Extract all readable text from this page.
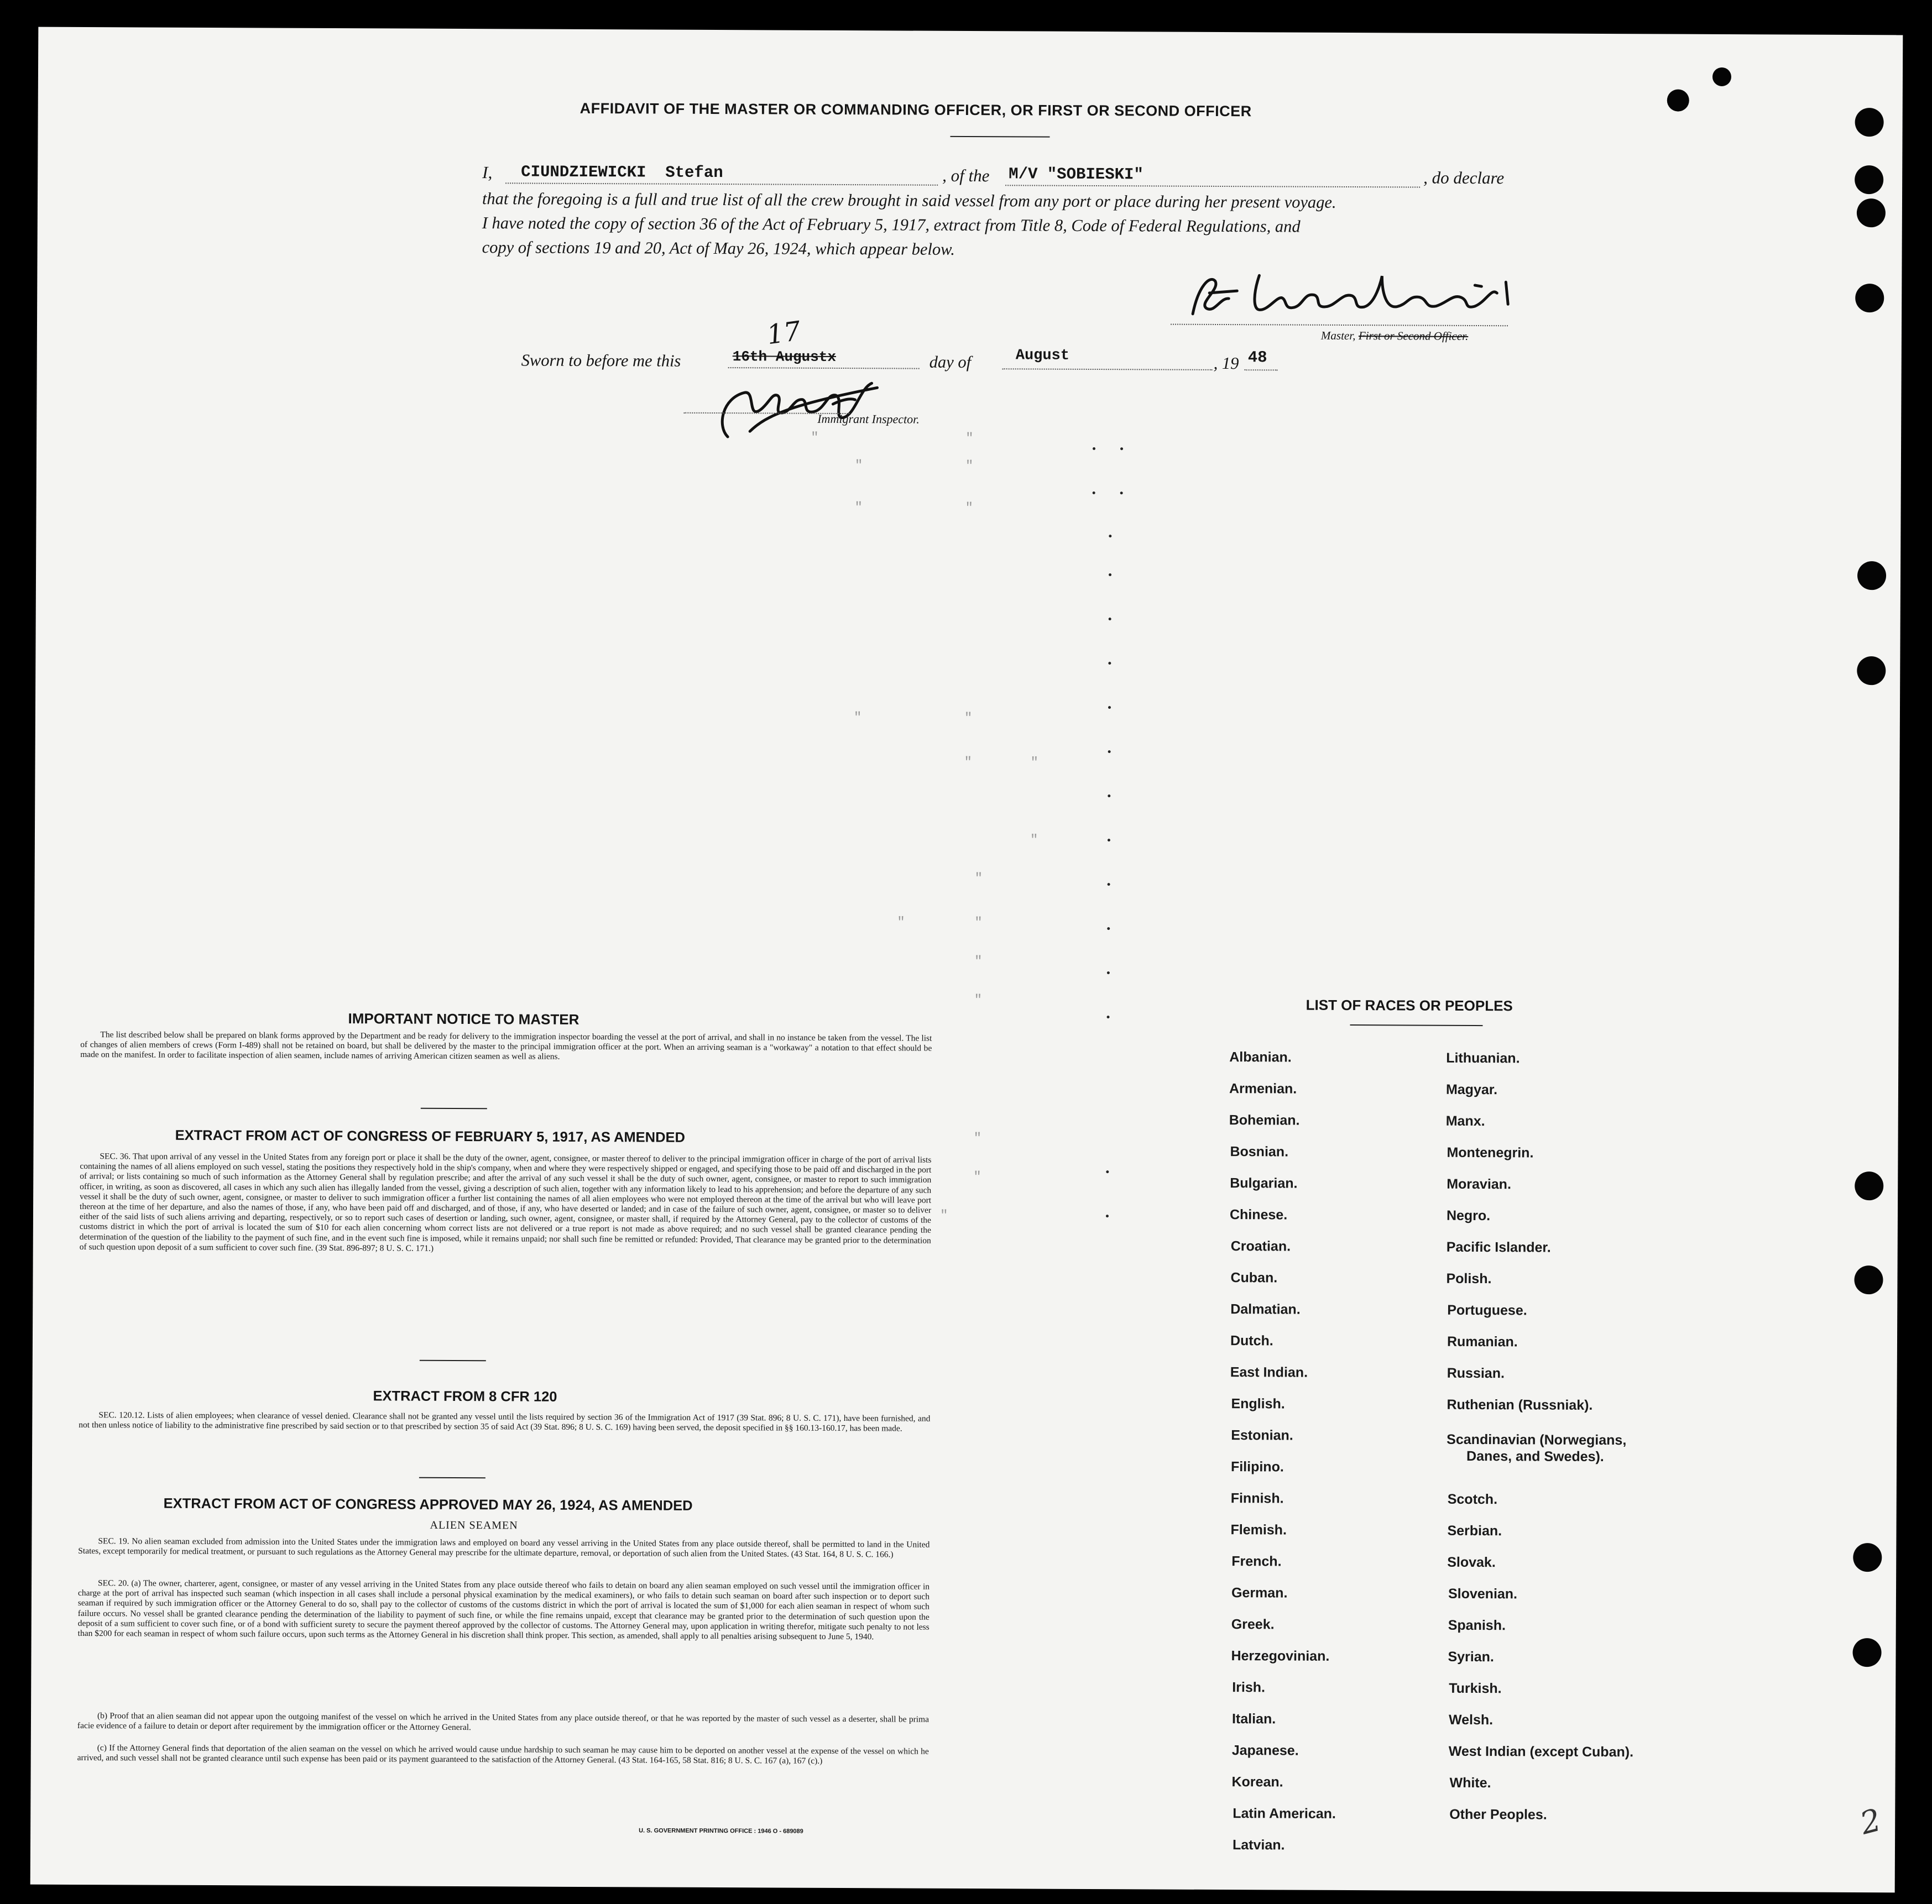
AFFIDAVIT OF THE MASTER OR COMMANDING OFFICER, OR FIRST OR SECOND OFFICER
I, CIUNDZIEWICKI  Stefan	, of the M/V "SOBIESKI"	, do declare
that the foregoing is a full and true list of all the crew brought in said vessel from any port or place during her present voyage.
I have noted the copy of section 36 of the Act of February 5, 1917, extract from Title 8, Code of Federal Regulations, and
copy of sections 19 and 20, Act of May 26, 1924, which appear below.
Master, First or Second Officer.
Sworn to before me this	16th Augustx
17
day of	August	, 19 48
Immigrant Inspector.
"	"
"	"
"	"
"	"
"	"
"
"
"	"
"
"
"
"
"
IMPORTANT NOTICE TO MASTER
The list described below shall be prepared on blank forms approved by the Department and be ready for delivery to the immigration inspector boarding the vessel at the port of arrival, and shall in no instance be taken from the vessel. The list of changes of alien members of crews (Form I-489) shall not be retained on board, but shall be delivered by the master to the principal immigration officer at the port. When an arriving seaman is a "workaway" a notation to that effect should be made on the manifest. In order to facilitate inspection of alien seamen, include names of arriving American citizen seamen as well as aliens.
EXTRACT FROM ACT OF CONGRESS OF FEBRUARY 5, 1917, AS AMENDED
SEC. 36. That upon arrival of any vessel in the United States from any foreign port or place it shall be the duty of the owner, agent, consignee, or master thereof to deliver to the principal immigration officer in charge of the port of arrival lists containing the names of all aliens employed on such vessel, stating the positions they respectively hold in the ship's company, when and where they were respectively shipped or engaged, and specifying those to be paid off and discharged in the port of arrival; or lists containing so much of such information as the Attorney General shall by regulation prescribe; and after the arrival of any such vessel it shall be the duty of such owner, agent, consignee, or master to report to such immigration officer, in writing, as soon as discovered, all cases in which any such alien has illegally landed from the vessel, giving a description of such alien, together with any information likely to lead to his apprehension; and before the departure of any such vessel it shall be the duty of such owner, agent, consignee, or master to deliver to such immigration officer a further list containing the names of all alien employees who were not employed thereon at the time of the arrival but who will leave port thereon at the time of her departure, and also the names of those, if any, who have been paid off and discharged, and of those, if any, who have deserted or landed; and in case of the failure of such owner, agent, consignee, or master so to deliver either of the said lists of such aliens arriving and departing, respectively, or so to report such cases of desertion or landing, such owner, agent, consignee, or master shall, if required by the Attorney General, pay to the collector of customs of the customs district in which the port of arrival is located the sum of $10 for each alien concerning whom correct lists are not delivered or a true report is not made as above required; and no such vessel shall be granted clearance pending the determination of the question of the liability to the payment of such fine, and in the event such fine is imposed, while it remains unpaid; nor shall such fine be remitted or refunded: Provided, That clearance may be granted prior to the determination of such question upon deposit of a sum sufficient to cover such fine. (39 Stat. 896-897; 8 U. S. C. 171.)
EXTRACT FROM 8 CFR 120
SEC. 120.12. Lists of alien employees; when clearance of vessel denied. Clearance shall not be granted any vessel until the lists required by section 36 of the Immigration Act of 1917 (39 Stat. 896; 8 U. S. C. 171), have been furnished, and not then unless notice of liability to the administrative fine prescribed by said section or to that prescribed by section 35 of said Act (39 Stat. 896; 8 U. S. C. 169) having been served, the deposit specified in §§ 160.13-160.17, has been made.
EXTRACT FROM ACT OF CONGRESS APPROVED MAY 26, 1924, AS AMENDED
ALIEN SEAMEN
SEC. 19. No alien seaman excluded from admission into the United States under the immigration laws and employed on board any vessel arriving in the United States from any place outside thereof, shall be permitted to land in the United States, except temporarily for medical treatment, or pursuant to such regulations as the Attorney General may prescribe for the ultimate departure, removal, or deportation of such alien from the United States. (43 Stat. 164, 8 U. S. C. 166.)
SEC. 20. (a) The owner, charterer, agent, consignee, or master of any vessel arriving in the United States from any place outside thereof who fails to detain on board any alien seaman employed on such vessel until the immigration officer in charge at the port of arrival has inspected such seaman (which inspection in all cases shall include a personal physical examination by the medical examiners), or who fails to detain such seaman on board after such inspection or to deport such seaman if required by such immigration officer or the Attorney General to do so, shall pay to the collector of customs of the customs district in which the port of arrival is located the sum of $1,000 for each alien seaman in respect of whom such failure occurs. No vessel shall be granted clearance pending the determination of the liability to payment of such fine, or while the fine remains unpaid, except that clearance may be granted prior to the determination of such question upon the deposit of a sum sufficient to cover such fine, or of a bond with sufficient surety to secure the payment thereof approved by the collector of customs. The Attorney General may, upon application in writing therefor, mitigate such penalty to not less than $200 for each seaman in respect of whom such failure occurs, upon such terms as the Attorney General in his discretion shall think proper. This section, as amended, shall apply to all penalties arising subsequent to June 5, 1940.
(b) Proof that an alien seaman did not appear upon the outgoing manifest of the vessel on which he arrived in the United States from any place outside thereof, or that he was reported by the master of such vessel as a deserter, shall be prima facie evidence of a failure to detain or deport after requirement by the immigration officer or the Attorney General.
(c) If the Attorney General finds that deportation of the alien seaman on the vessel on which he arrived would cause undue hardship to such seaman he may cause him to be deported on another vessel at the expense of the vessel on which he arrived, and such vessel shall not be granted clearance until such expense has been paid or its payment guaranteed to the satisfaction of the Attorney General. (43 Stat. 164-165, 58 Stat. 816; 8 U. S. C. 167 (a), 167 (c).)
U. S. GOVERNMENT PRINTING OFFICE : 1946 O - 689089
LIST OF RACES OR PEOPLES
Albanian.
Armenian.
Bohemian.
Bosnian.
Bulgarian.
Chinese.
Croatian.
Cuban.
Dalmatian.
Dutch.
East Indian.
English.
Estonian.
Filipino.
Finnish.
Flemish.
French.
German.
Greek.
Herzegovinian.
Irish.
Italian.
Japanese.
Korean.
Latin American.
Latvian.
Lithuanian.
Magyar.
Manx.
Montenegrin.
Moravian.
Negro.
Pacific Islander.
Polish.
Portuguese.
Rumanian.
Russian.
Ruthenian (Russniak).
Scandinavian (Norwegians,
Danes, and Swedes).
Scotch.
Serbian.
Slovak.
Slovenian.
Spanish.
Syrian.
Turkish.
Welsh.
West Indian (except Cuban).
White.
Other Peoples.	2
